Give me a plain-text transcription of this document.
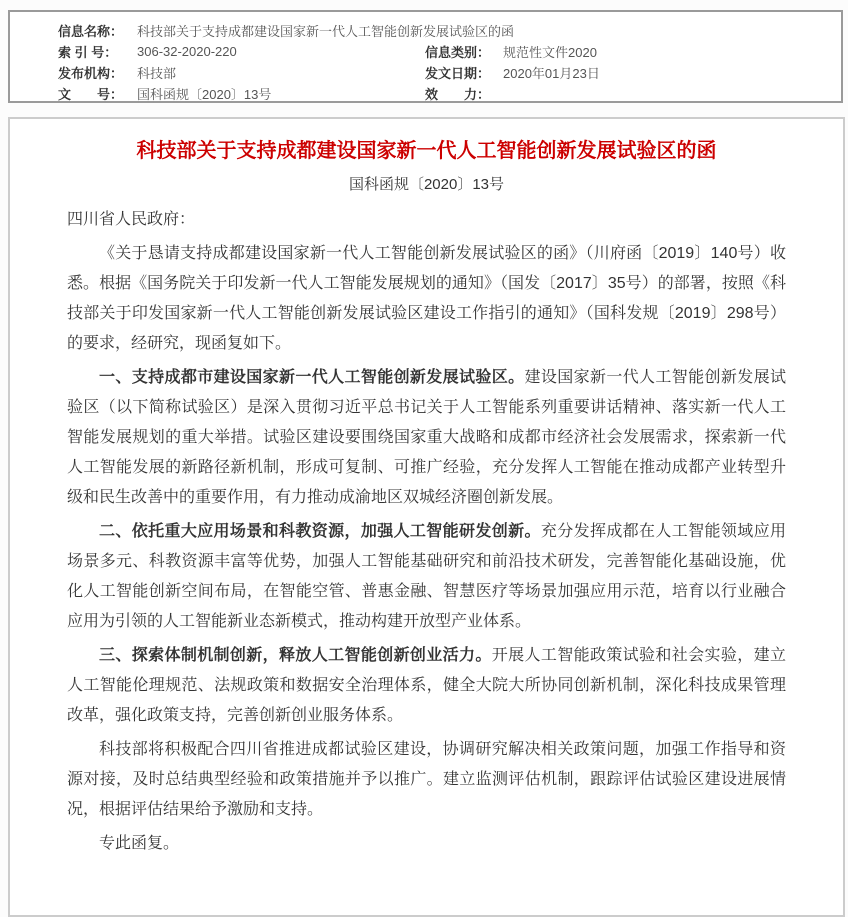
信息名称：	科技部关于支持成都建设国家新一代人工智能创新发展试验区的函
索 引 号：	306-32-2020-220	信息类别： 规范性文件2020
发布机构：	科技部	发文日期： 2020年01月23日
文　　号：	国科函规〔2020〕13号	效　　力：
科技部关于支持成都建设国家新一代人工智能创新发展试验区的函
国科函规〔2020〕13号
四川省人民政府：

《关于恳请支持成都建设国家新一代人工智能创新发展试验区的函》（川府函〔2019〕140号）收悉。根据《国务院关于印发新一代人工智能发展规划的通知》（国发〔2017〕35号）的部署，按照《科技部关于印发国家新一代人工智能创新发展试验区建设工作指引的通知》（国科发规〔2019〕298号）的要求，经研究，现函复如下。

一、支持成都市建设国家新一代人工智能创新发展试验区。建设国家新一代人工智能创新发展试验区（以下简称试验区）是深入贯彻习近平总书记关于人工智能系列重要讲话精神、落实新一代人工智能发展规划的重大举措。试验区建设要围绕国家重大战略和成都市经济社会发展需求，探索新一代人工智能发展的新路径新机制，形成可复制、可推广经验，充分发挥人工智能在推动成都产业转型升级和民生改善中的重要作用，有力推动成渝地区双城经济圈创新发展。

二、依托重大应用场景和科教资源，加强人工智能研发创新。充分发挥成都在人工智能领域应用场景多元、科教资源丰富等优势，加强人工智能基础研究和前沿技术研发，完善智能化基础设施，优化人工智能创新空间布局，在智能空管、普惠金融、智慧医疗等场景加强应用示范，培育以行业融合应用为引领的人工智能新业态新模式，推动构建开放型产业体系。

三、探索体制机制创新，释放人工智能创新创业活力。开展人工智能政策试验和社会实验，建立人工智能伦理规范、法规政策和数据安全治理体系，健全大院大所协同创新机制，深化科技成果管理改革，强化政策支持，完善创新创业服务体系。

科技部将积极配合四川省推进成都试验区建设，协调研究解决相关政策问题，加强工作指导和资源对接，及时总结典型经验和政策措施并予以推广。建立监测评估机制，跟踪评估试验区建设进展情况，根据评估结果给予激励和支持。

专此函复。
